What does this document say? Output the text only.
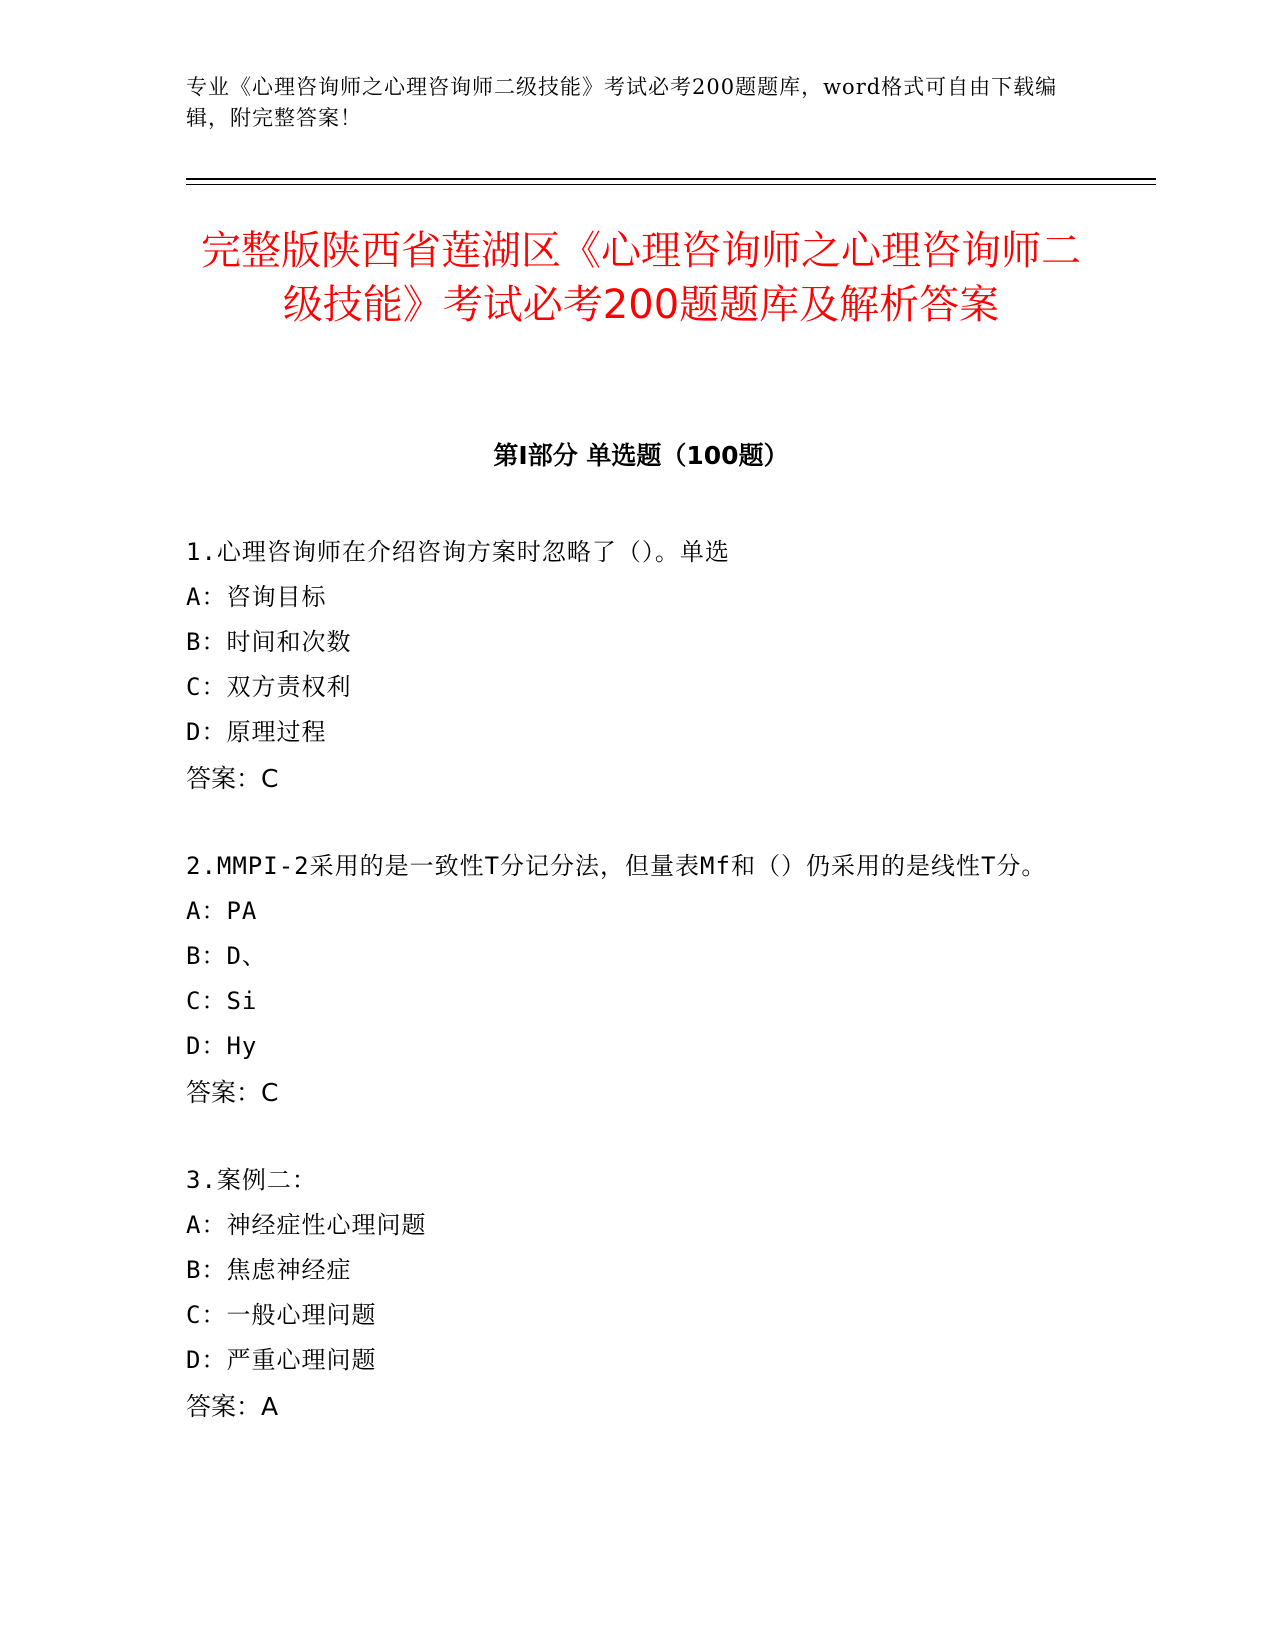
专业《心理咨询师之心理咨询师二级技能》考试必考200题题库，word格式可自由下载编辑，附完整答案！
完整版陕西省莲湖区《心理咨询师之心理咨询师二级技能》考试必考200题题库及解析答案
第Ⅰ部分 单选题（100题）
1.心理咨询师在介绍咨询方案时忽略了（）。单选
A：咨询目标
B：时间和次数
C：双方责权利
D：原理过程
答案：C
2.MMPI-2采用的是一致性T分记分法，但量表Mf和（）仍采用的是线性T分。
A：PA
B：D、
C：Si
D：Hy
答案：C
3.案例二：
A：神经症性心理问题
B：焦虑神经症
C：一般心理问题
D：严重心理问题
答案：A
